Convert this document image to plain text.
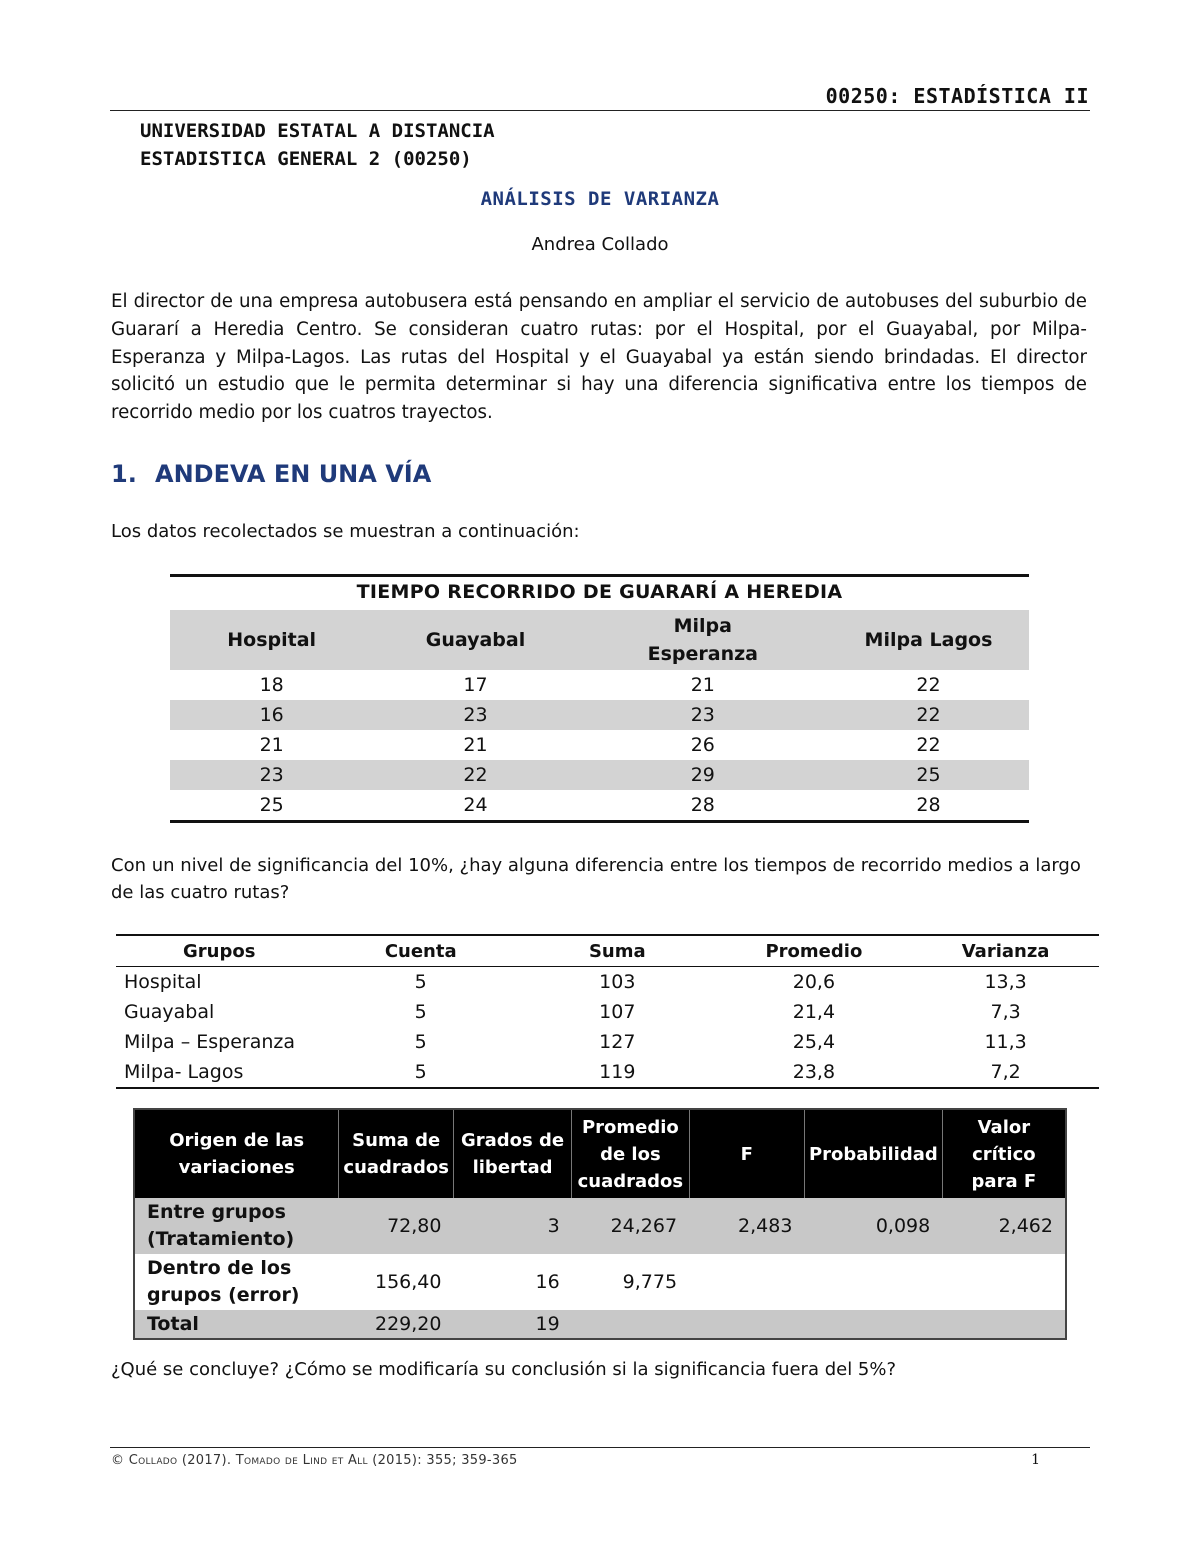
00250: ESTADÍSTICA II
UNIVERSIDAD ESTATAL A DISTANCIA
ESTADISTICA GENERAL 2 (00250)
ANÁLISIS DE VARIANZA
Andrea Collado
El director de una empresa autobusera está pensando en ampliar el servicio de autobuses del suburbio de Guararí a Heredia Centro. Se consideran cuatro rutas: por el Hospital, por el Guayabal, por Milpa-Esperanza y Milpa-Lagos. Las rutas del Hospital y el Guayabal ya están siendo brindadas. El director solicitó un estudio que le permita determinar si hay una diferencia significativa entre los tiempos de recorrido medio por los cuatros trayectos.
1. ANDEVA EN UNA VÍA
Los datos recolectados se muestran a continuación:
TIEMPO RECORRIDO DE GUARARÍ A HEREDIA			
Hospital	Guayabal	Milpa Esperanza	Milpa Lagos
18	17	21	22
16	23	23	22
21	21	26	22
23	22	29	25
25	24	28	28
Con un nivel de significancia del 10%, ¿hay alguna diferencia entre los tiempos de recorrido medios a largo de las cuatro rutas?
Grupos	Cuenta	Suma	Promedio	Varianza
Hospital	5	103	20,6	13,3
Guayabal	5	107	21,4	7,3
Milpa – Esperanza	5	127	25,4	11,3
Milpa- Lagos	5	119	23,8	7,2
Origen de las variaciones	Suma de cuadrados	Grados de libertad	Promedio de los cuadrados	F	Probabilidad	Valor crítico para F
Entre grupos (Tratamiento)	72,80	3	24,267	2,483	0,098	2,462
Dentro de los grupos (error)	156,40	16	9,775			
Total	229,20	19				
¿Qué se concluye? ¿Cómo se modificaría su conclusión si la significancia fuera del 5%?
© Collado (2017). Tomado de Lind et All (2015): 355; 359-365	1
